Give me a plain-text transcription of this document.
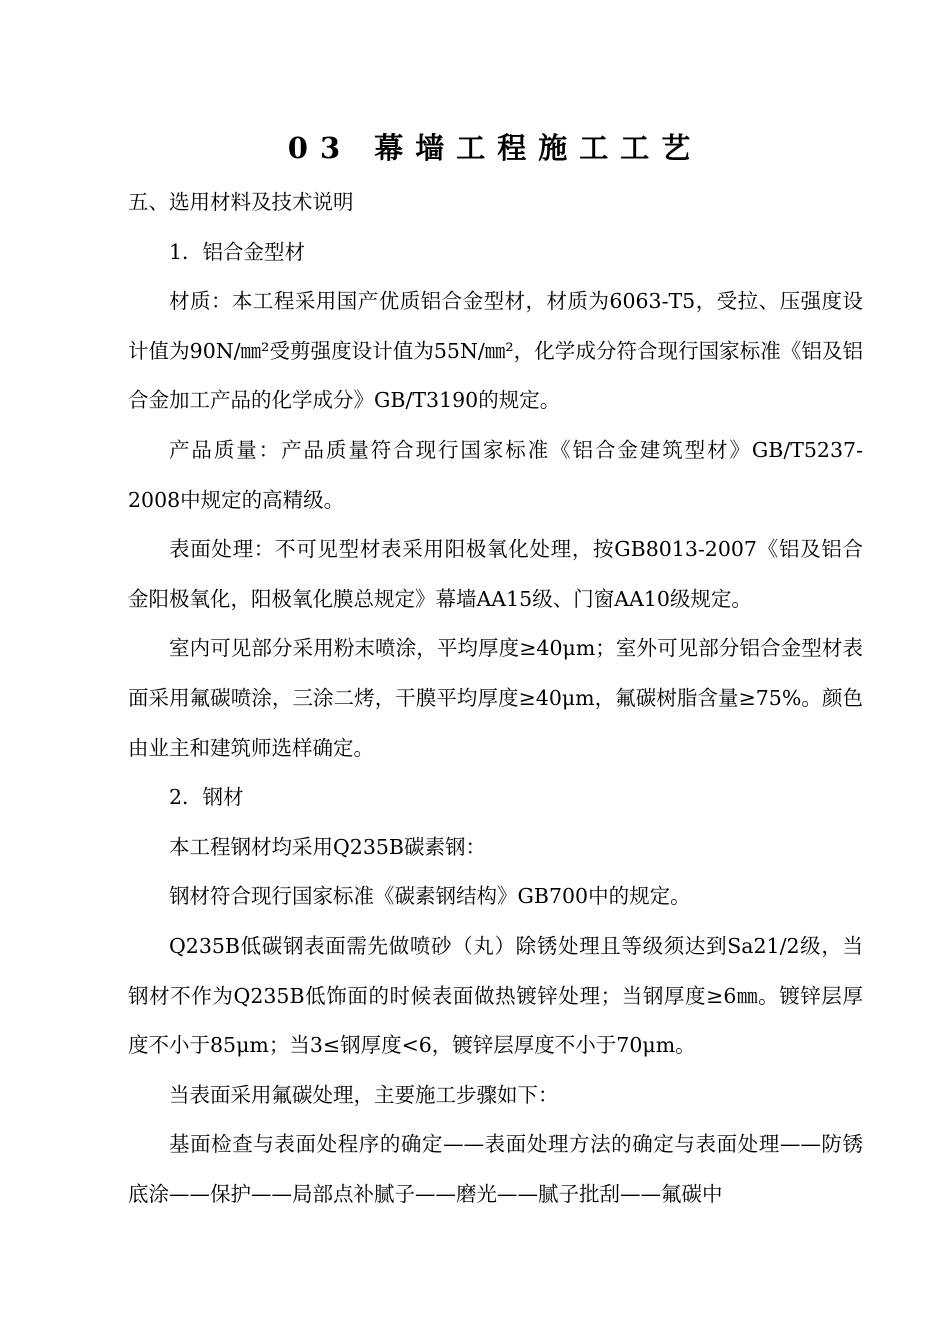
03 幕墙工程施工工艺

五、选用材料及技术说明

1．铝合金型材

材质：本工程采用国产优质铝合金型材，材质为6063-T5，受拉、压强度设计值为90N/㎜²受剪强度设计值为55N/㎜²，化学成分符合现行国家标准《铝及铝合金加工产品的化学成分》GB/T3190的规定。

产品质量：产品质量符合现行国家标准《铝合金建筑型材》GB/T5237-2008中规定的高精级。

表面处理：不可见型材表采用阳极氧化处理，按GB8013-2007《铝及铝合金阳极氧化，阳极氧化膜总规定》幕墙AA15级、门窗AA10级规定。

室内可见部分采用粉末喷涂，平均厚度≥40μm；室外可见部分铝合金型材表面采用氟碳喷涂，三涂二烤，干膜平均厚度≥40μm，氟碳树脂含量≥75%。颜色由业主和建筑师选样确定。

2．钢材

本工程钢材均采用Q235B碳素钢：

钢材符合现行国家标准《碳素钢结构》GB700中的规定。

Q235B低碳钢表面需先做喷砂（丸）除锈处理且等级须达到Sa21/2级，当钢材不作为Q235B低饰面的时候表面做热镀锌处理；当钢厚度≥6㎜。镀锌层厚度不小于85μm；当3≤钢厚度<6，镀锌层厚度不小于70μm。

当表面采用氟碳处理，主要施工步骤如下：

基面检查与表面处程序的确定——表面处理方法的确定与表面处理——防锈底涂——保护——局部点补腻子——磨光——腻子批刮——氟碳中
